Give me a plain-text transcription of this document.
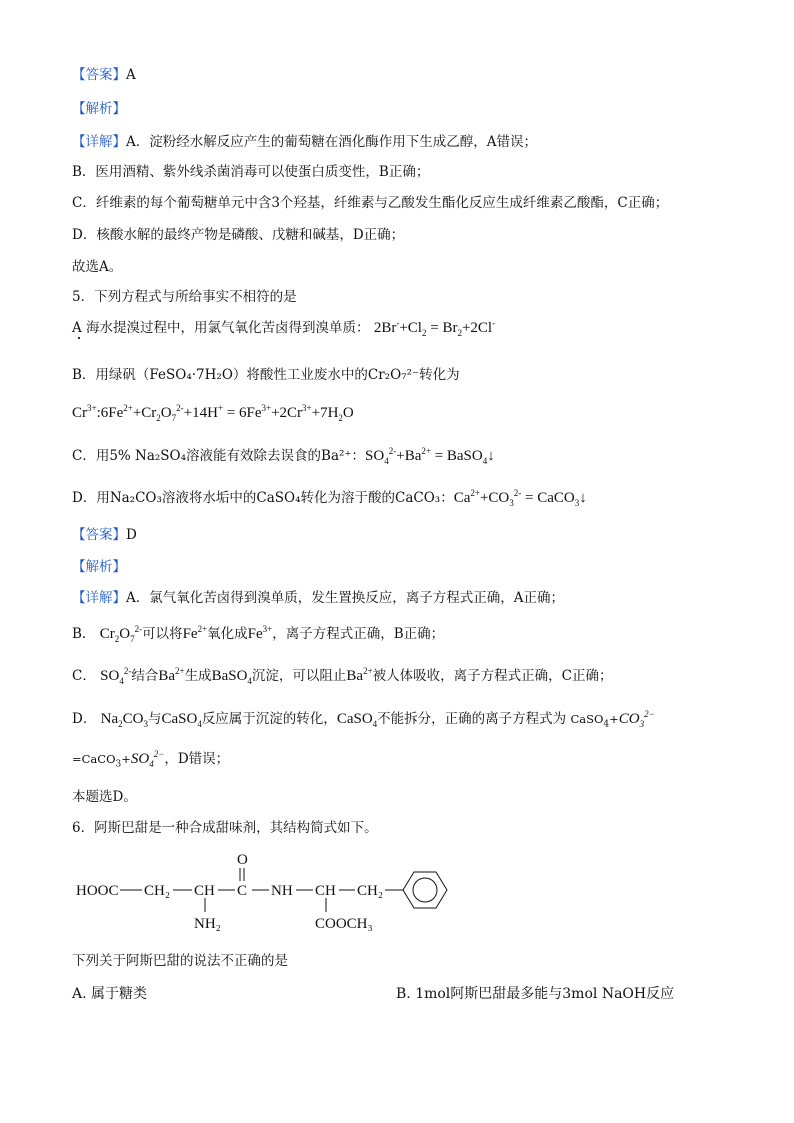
【答案】A
【解析】
【详解】A．淀粉经水解反应产生的葡萄糖在酒化酶作用下生成乙醇，A错误；
B．医用酒精、紫外线杀菌消毒可以使蛋白质变性，B正确；
C．纤维素的每个葡萄糖单元中含3个羟基，纤维素与乙酸发生酯化反应生成纤维素乙酸酯，C正确；
D．核酸水解的最终产物是磷酸、戊糖和碱基，D正确；
故选A。
5．下列方程式与所给事实不相符的是
A 海水提溴过程中，用氯气氧化苦卤得到溴单质： $2Br^-+Cl_2 = Br_2+2Cl^-$
B．用绿矾（FeSO₄·7H₂O）将酸性工业废水中的Cr₂O₇²⁻转化为
$Cr^{3+}:6Fe^{2+}+Cr_2O_7^{2-}+14H^+ = 6Fe^{3+}+2Cr^{3+}+7H_2O$
C．用5% Na₂SO₄溶液能有效除去误食的Ba²⁺：$SO_4^{2-}+Ba^{2+}$ = BaSO$_4$↓
D．用Na₂CO₃溶液将水垢中的CaSO₄转化为溶于酸的CaCO₃：$Ca^{2+}+CO_3^{2-}$ = CaCO$_3$↓
【答案】D
【解析】
【详解】A．氯气氧化苦卤得到溴单质，发生置换反应，离子方程式正确，A正确；
B． $Cr_2O_7^{2-}$可以将$Fe^{2+}$氧化成$Fe^{3+}$，离子方程式正确，B正确；
C． $SO_4^{2-}$结合$Ba^{2+}$生成BaSO$_4$沉淀，可以阻止$Ba^{2+}$被人体吸收，离子方程式正确，C正确；
D． $Na_2CO_3$与CaSO$_4$反应属于沉淀的转化，CaSO$_4$不能拆分，正确的离子方程式为 $CaSO_4+CO_3^{2-}$
$=CaCO_3+SO_4^{2-}$，D错误；
本题选D。
6．阿斯巴甜是一种合成甜味剂，其结构简式如下。
HOOC CH₂ CH
NH₂
C
O
NH CH
COOCH₃
CH₂
下列关于阿斯巴甜的说法不正确的是
A. 属于糖类	B. 1mol阿斯巴甜最多能与3mol NaOH反应
